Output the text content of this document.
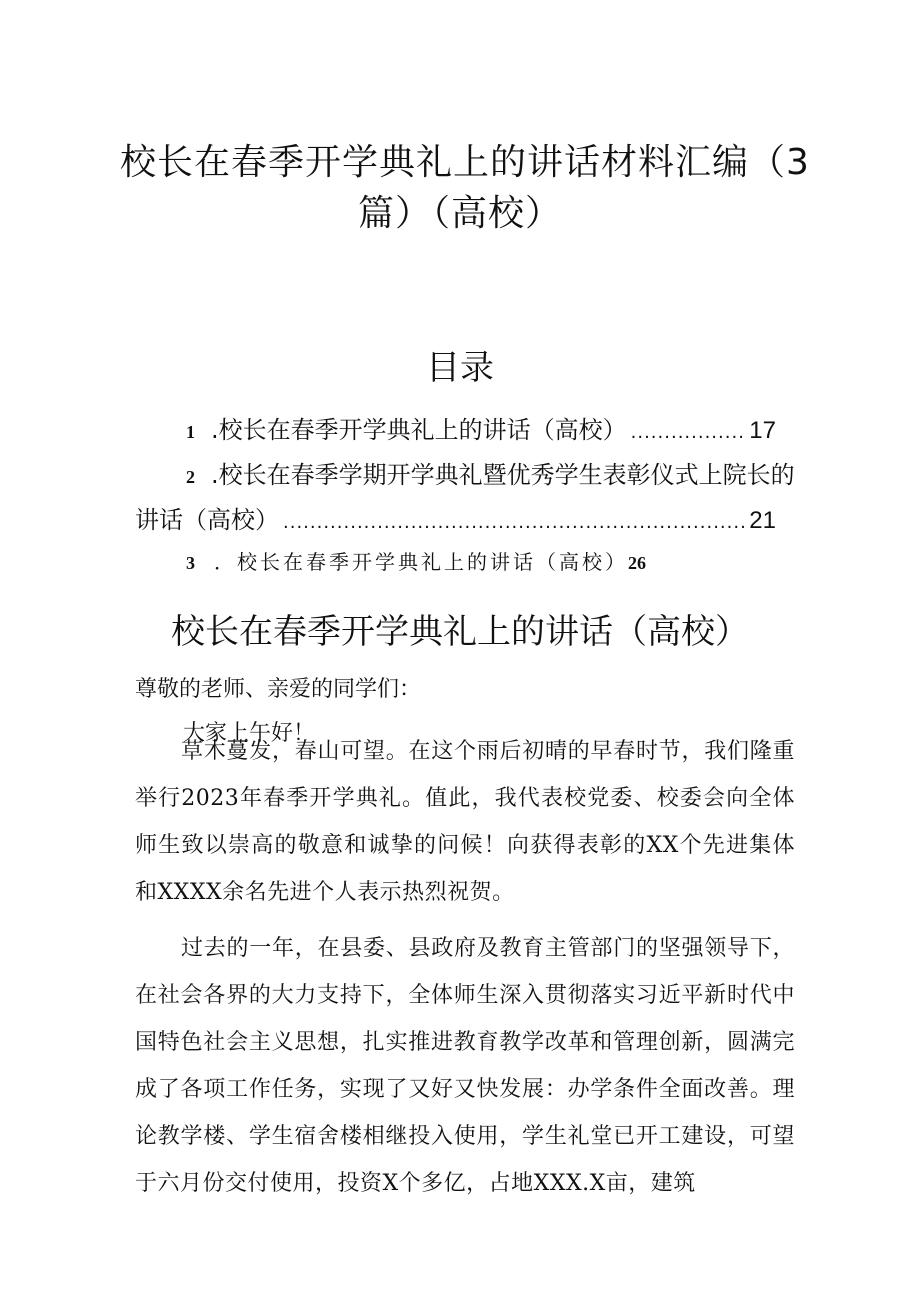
校长在春季开学典礼上的讲话材料汇编（3
篇）（高校）
目录
1 .校长在春季开学典礼上的讲话（高校） .....	17
2 .校长在春季学期开学典礼暨优秀学生表彰仪式上院长的
讲话（高校） .....	21
3 ．校长在春季开学典礼上的讲话（高校） 26
校长在春季开学典礼上的讲话（高校）
尊敬的老师、亲爱的同学们：
大家上午好！
草木蔓发，春山可望。在这个雨后初晴的早春时节，我们隆重举行2023年春季开学典礼。值此，我代表校党委、校委会向全体师生致以崇高的敬意和诚挚的问候！向获得表彰的XX个先进集体和XXXX余名先进个人表示热烈祝贺。
过去的一年，在县委、县政府及教育主管部门的坚强领导下，在社会各界的大力支持下，全体师生深入贯彻落实习近平新时代中国特色社会主义思想，扎实推进教育教学改革和管理创新，圆满完成了各项工作任务，实现了又好又快发展：办学条件全面改善。理论教学楼、学生宿舍楼相继投入使用，学生礼堂已开工建设，可望于六月份交付使用，投资X个多亿，占地XXX.X亩，建筑
